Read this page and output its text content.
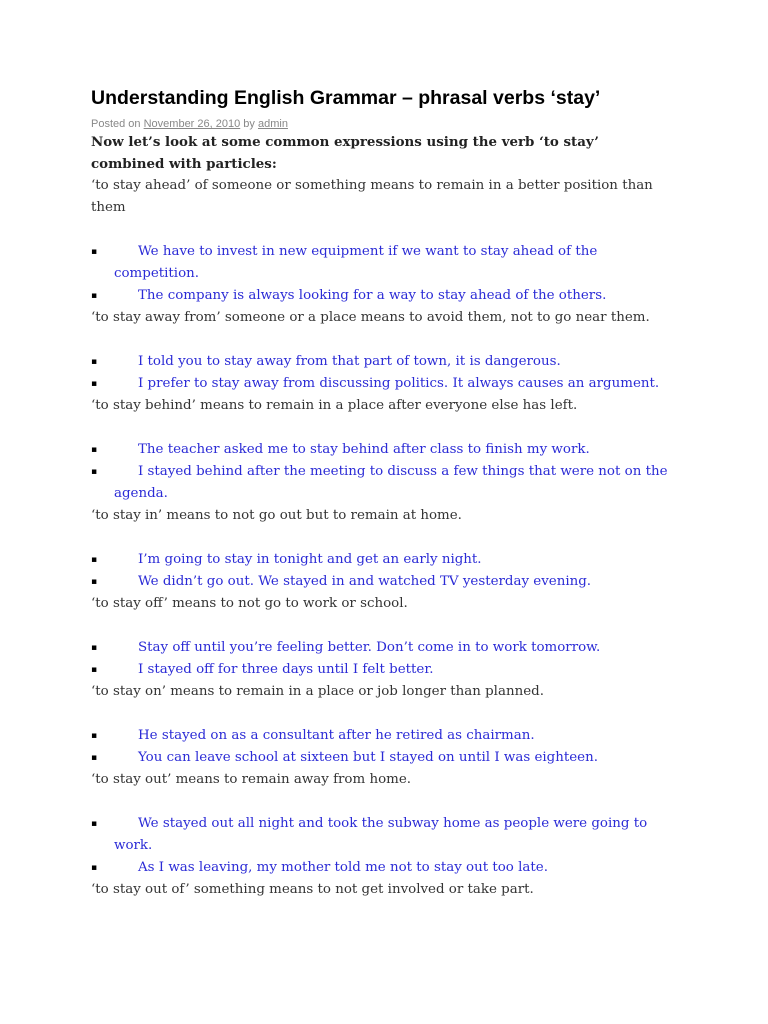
Understanding English Grammar – phrasal verbs ‘stay’
Posted on November 26, 2010 by admin
Now let’s look at some common expressions using the verb ‘to stay’ combined with particles:

‘to stay ahead’ of someone or something means to remain in a better position than them

▪	We have to invest in new equipment if we want to stay ahead of the competition.
▪	The company is always looking for a way to stay ahead of the others.

‘to stay away from’ someone or a place means to avoid them, not to go near them.

▪	I told you to stay away from that part of town, it is dangerous.
▪	I prefer to stay away from discussing politics. It always causes an argument.

‘to stay behind’ means to remain in a place after everyone else has left.

▪	The teacher asked me to stay behind after class to finish my work.
▪	I stayed behind after the meeting to discuss a few things that were not on the agenda.

‘to stay in’ means to not go out but to remain at home.

▪	I’m going to stay in tonight and get an early night.
▪	We didn’t go out. We stayed in and watched TV yesterday evening.

‘to stay off’ means to not go to work or school.

▪	Stay off until you’re feeling better. Don’t come in to work tomorrow.
▪	I stayed off for three days until I felt better.

‘to stay on’ means to remain in a place or job longer than planned.

▪	He stayed on as a consultant after he retired as chairman.
▪	You can leave school at sixteen but I stayed on until I was eighteen.

‘to stay out’ means to remain away from home.

▪	We stayed out all night and took the subway home as people were going to work.
▪	As I was leaving, my mother told me not to stay out too late.

‘to stay out of’ something means to not get involved or take part.
